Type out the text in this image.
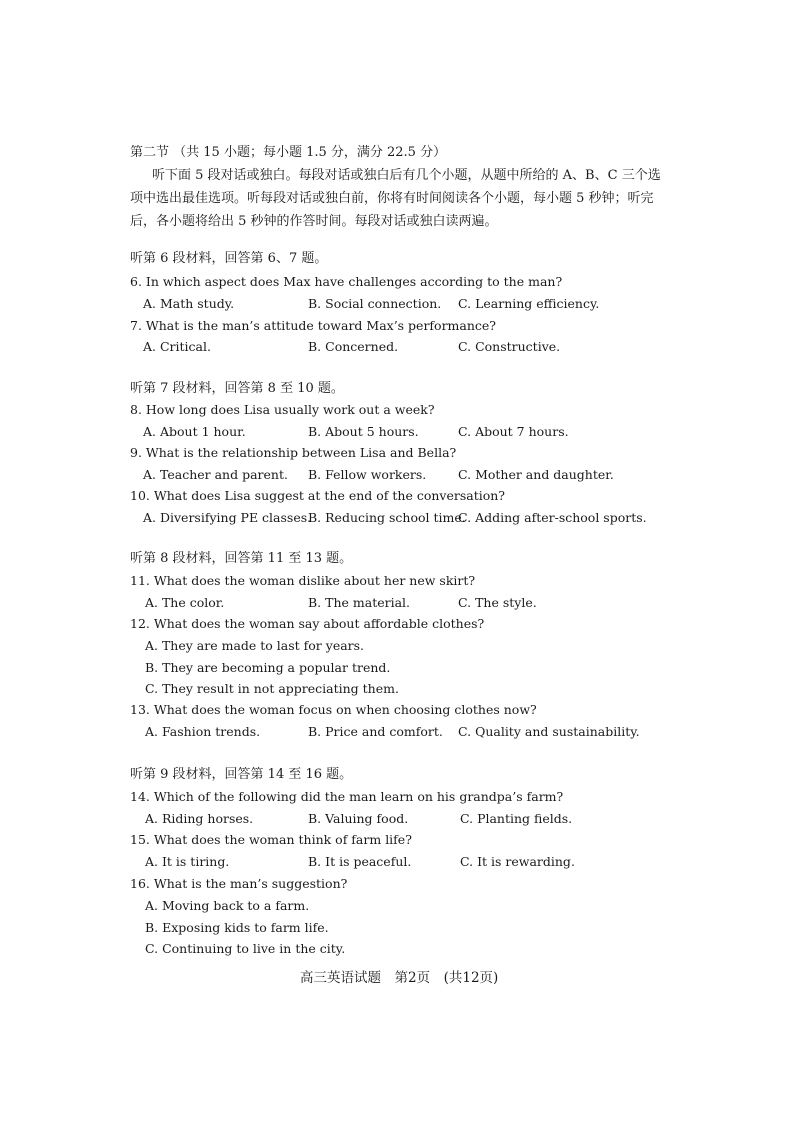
第二节 （共 15 小题；每小题 1.5 分，满分 22.5 分）
听下面 5 段对话或独白。每段对话或独白后有几个小题，从题中所给的 A、B、C 三个选
项中选出最佳选项。听每段对话或独白前，你将有时间阅读各个小题，每小题 5 秒钟；听完
后，各小题将给出 5 秒钟的作答时间。每段对话或独白读两遍。
听第 6 段材料，回答第 6、7 题。
6. In which aspect does Max have challenges according to the man?
A. Math study.	B. Social connection. C. Learning efficiency.
7. What is the man’s attitude toward Max’s performance?
A. Critical.	B. Concerned.	C. Constructive.
听第 7 段材料，回答第 8 至 10 题。
8. How long does Lisa usually work out a week?
A. About 1 hour.	B. About 5 hours.	C. About 7 hours.
9. What is the relationship between Lisa and Bella?
A. Teacher and parent. B. Fellow workers.	C. Mother and daughter.
10. What does Lisa suggest at the end of the conversation?
A. Diversifying PE classes.
B. Reducing school time.
C. Adding after-school sports.
听第 8 段材料，回答第 11 至 13 题。
11. What does the woman dislike about her new skirt?
A. The color.	B. The material.	C. The style.
12. What does the woman say about affordable clothes?
A. They are made to last for years.
B. They are becoming a popular trend.
C. They result in not appreciating them.
13. What does the woman focus on when choosing clothes now?
A. Fashion trends.	B. Price and comfort. C. Quality and sustainability.
听第 9 段材料，回答第 14 至 16 题。
14. Which of the following did the man learn on his grandpa’s farm?
A. Riding horses.	B. Valuing food.	C. Planting fields.
15. What does the woman think of farm life?
A. It is tiring.	B. It is peaceful.	C. It is rewarding.
16. What is the man’s suggestion?
A. Moving back to a farm.
B. Exposing kids to farm life.
C. Continuing to live in the city.
高三英语试题　第2页　(共12页)
